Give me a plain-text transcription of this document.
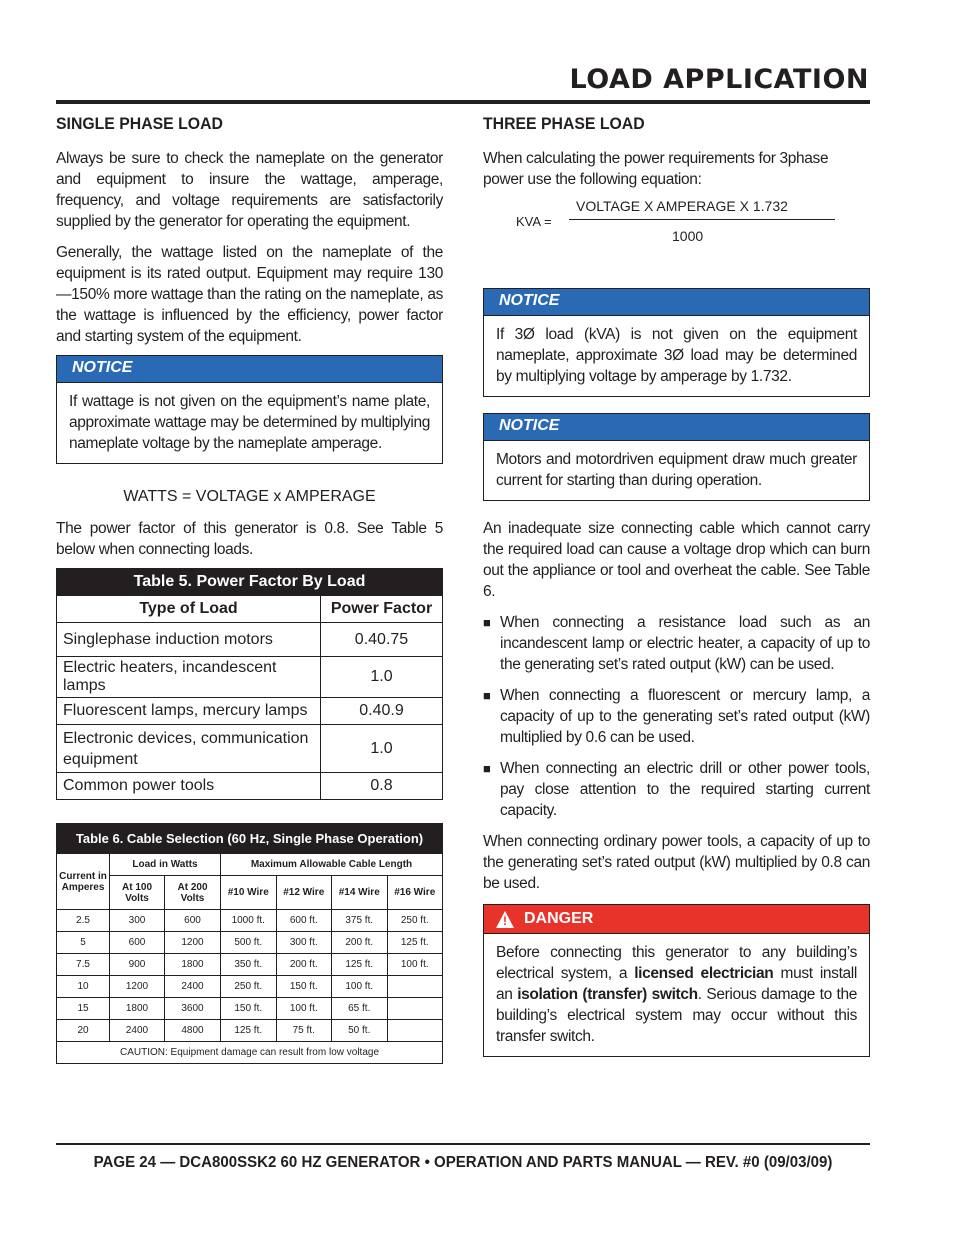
LOAD APPLICATION
SINGLE PHASE LOAD

Always be sure to check the nameplate on the generator and equipment to insure the wattage, amperage, frequency, and voltage requirements are satisfactorily supplied by the generator for operating the equipment.

Generally, the wattage listed on the nameplate of the equipment is its rated output. Equipment may require 130—150% more wattage than the rating on the nameplate, as the wattage is influenced by the efficiency, power factor and starting system of the equipment.

NOTICE

If wattage is not given on the equipment’s name plate, approximate wattage may be determined by multiplying nameplate voltage by the nameplate amperage.

WATTS = VOLTAGE x AMPERAGE

The power factor of this generator is 0.8. See Table 5 below when connecting loads.

Table 5. Power Factor By Load	
Type of Load	Power Factor
Singlephase induction motors	0.40.75
Electric heaters, incandescent lamps	1.0
Fluorescent lamps, mercury lamps	0.40.9
Electronic devices, communication equipment	1.0
Common power tools	0.8
Table 6. Cable Selection (60 Hz, Single Phase Operation)						
Current in Amperes	Load in Watts		Maximum Allowable Cable Length			
	At 100 Volts	At 200 Volts	#10 Wire	#12 Wire	#14 Wire	#16 Wire
2.5	300	600	1000 ft.	600 ft.	375 ft.	250 ft.
5	600	1200	500 ft.	300 ft.	200 ft.	125 ft.
7.5	900	1800	350 ft.	200 ft.	125 ft.	100 ft.
10	1200	2400	250 ft.	150 ft.	100 ft.	
15	1800	3600	150 ft.	100 ft.	65 ft.	
20	2400	4800	125 ft.	75 ft.	50 ft.	
CAUTION: Equipment damage can result from low voltage						
THREE PHASE LOAD

When calculating the power requirements for 3phase power use the following equation:

KVA =
VOLTAGE X AMPERAGE X 1.732
1000
NOTICE

If 3Ø load (kVA) is not given on the equipment nameplate, approximate 3Ø load may be determined by multiplying voltage by amperage by 1.732.

NOTICE

Motors and motordriven equipment draw much greater current for starting than during operation.

An inadequate size connecting cable which cannot carry the required load can cause a voltage drop which can burn out the appliance or tool and overheat the cable. See Table 6.

■ When connecting a resistance load such as an incandescent lamp or electric heater, a capacity of up to the generating set’s rated output (kW) can be used.
■ When connecting a fluorescent or mercury lamp, a capacity of up to the generating set’s rated output (kW) multiplied by 0.6 can be used.
■ When connecting an electric drill or other power tools, pay close attention to the required starting current capacity.

When connecting ordinary power tools, a capacity of up to the generating set’s rated output (kW) multiplied by 0.8 can be used.

! DANGER

Before connecting this generator to any building’s electrical system, a licensed electrician must install an isolation (transfer) switch. Serious damage to the building’s electrical system may occur without this transfer switch.

PAGE 24 — DCA800SSK2 60 HZ GENERATOR • OPERATION AND PARTS MANUAL — REV. #0 (09/03/09)
